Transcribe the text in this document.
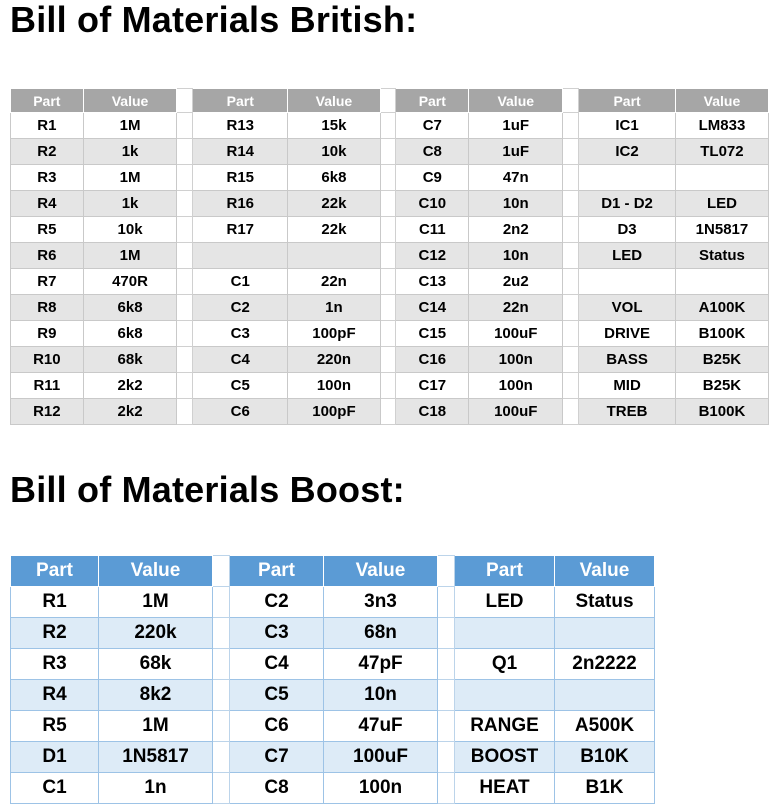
Bill of Materials British:
Part	Value		Part	Value		Part	Value		Part	Value
R1	1M		R13	15k		C7	1uF		IC1	LM833
R2	1k		R14	10k		C8	1uF		IC2	TL072
R3	1M		R15	6k8		C9	47n			
R4	1k		R16	22k		C10	10n		D1 - D2	LED
R5	10k		R17	22k		C11	2n2		D3	1N5817
R6	1M					C12	10n		LED	Status
R7	470R		C1	22n		C13	2u2			
R8	6k8		C2	1n		C14	22n		VOL	A100K
R9	6k8		C3	100pF		C15	100uF		DRIVE	B100K
R10	68k		C4	220n		C16	100n		BASS	B25K
R11	2k2		C5	100n		C17	100n		MID	B25K
R12	2k2		C6	100pF		C18	100uF		TREB	B100K
Bill of Materials Boost:
Part	Value		Part	Value		Part	Value
R1	1M		C2	3n3		LED	Status
R2	220k		C3	68n			
R3	68k		C4	47pF		Q1	2n2222
R4	8k2		C5	10n			
R5	1M		C6	47uF		RANGE	A500K
D1	1N5817		C7	100uF		BOOST	B10K
C1	1n		C8	100n		HEAT	B1K
